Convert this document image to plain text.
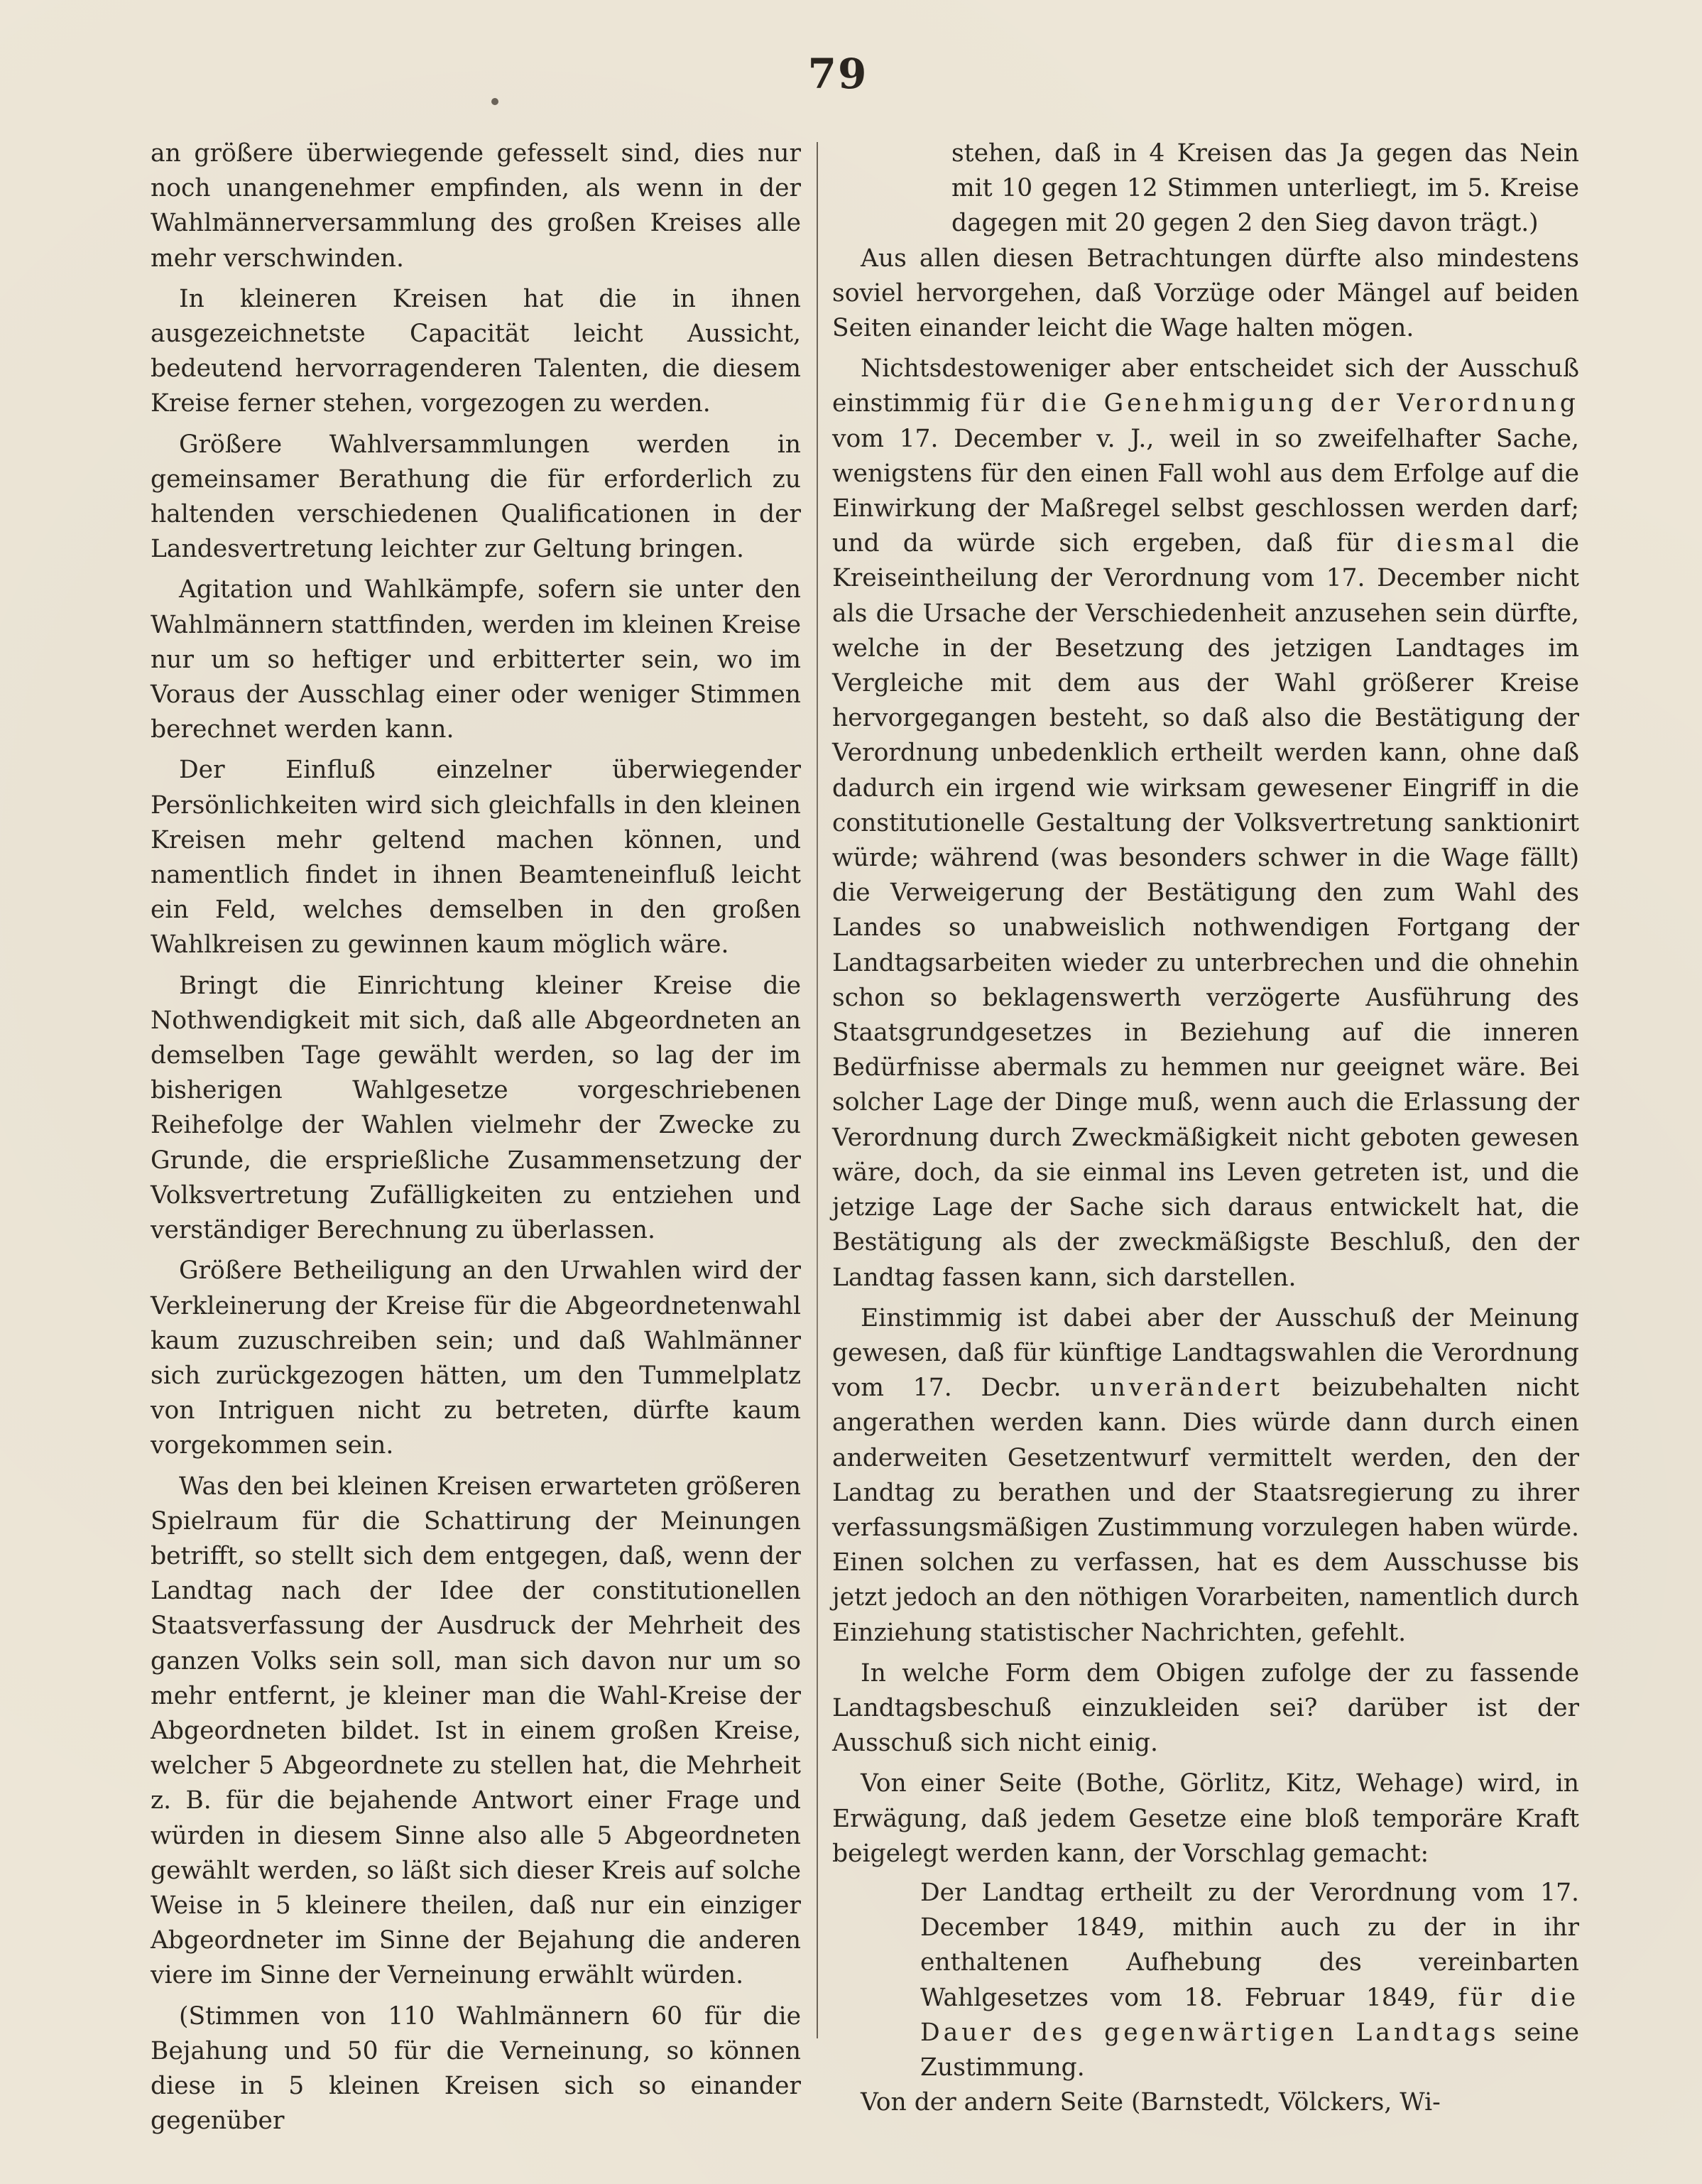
79

an größere überwiegende gefesselt sind, dies nur noch unangenehmer empfinden, als wenn in der Wahlmännerversammlung des großen Kreises alle mehr verschwinden.

In kleineren Kreisen hat die in ihnen ausgezeichnetste Capacität leicht Aussicht, bedeutend hervorragenderen Talenten, die diesem Kreise ferner stehen, vorgezogen zu werden.

Größere Wahlversammlungen werden in gemeinsamer Berathung die für erforderlich zu haltenden verschiedenen Qualificationen in der Landesvertretung leichter zur Geltung bringen.

Agitation und Wahlkämpfe, sofern sie unter den Wahlmännern stattfinden, werden im kleinen Kreise nur um so heftiger und erbitterter sein, wo im Voraus der Ausschlag einer oder weniger Stimmen berechnet werden kann.

Der Einfluß einzelner überwiegender Persönlichkeiten wird sich gleichfalls in den kleinen Kreisen mehr geltend machen können, und namentlich findet in ihnen Beamteneinfluß leicht ein Feld, welches demselben in den großen Wahlkreisen zu gewinnen kaum möglich wäre.

Bringt die Einrichtung kleiner Kreise die Nothwendigkeit mit sich, daß alle Abgeordneten an demselben Tage gewählt werden, so lag der im bisherigen Wahlgesetze vorgeschriebenen Reihefolge der Wahlen vielmehr der Zwecke zu Grunde, die ersprießliche Zusammensetzung der Volksvertretung Zufälligkeiten zu entziehen und verständiger Berechnung zu überlassen.

Größere Betheiligung an den Urwahlen wird der Verkleinerung der Kreise für die Abgeordnetenwahl kaum zuzuschreiben sein; und daß Wahlmänner sich zurückgezogen hätten, um den Tummelplatz von Intriguen nicht zu betreten, dürfte kaum vorgekommen sein.

Was den bei kleinen Kreisen erwarteten größeren Spielraum für die Schattirung der Meinungen betrifft, so stellt sich dem entgegen, daß, wenn der Landtag nach der Idee der constitutionellen Staatsverfassung der Ausdruck der Mehrheit des ganzen Volks sein soll, man sich davon nur um so mehr entfernt, je kleiner man die Wahl-Kreise der Abgeordneten bildet. Ist in einem großen Kreise, welcher 5 Abgeordnete zu stellen hat, die Mehrheit z. B. für die bejahende Antwort einer Frage und würden in diesem Sinne also alle 5 Abgeordneten gewählt werden, so läßt sich dieser Kreis auf solche Weise in 5 kleinere theilen, daß nur ein einziger Abgeordneter im Sinne der Bejahung die anderen viere im Sinne der Verneinung erwählt würden.

(Stimmen von 110 Wahlmännern 60 für die Bejahung und 50 für die Verneinung, so können diese in 5 kleinen Kreisen sich so einander gegenüber

stehen, daß in 4 Kreisen das Ja gegen das Nein mit 10 gegen 12 Stimmen unterliegt, im 5. Kreise dagegen mit 20 gegen 2 den Sieg davon trägt.)

Aus allen diesen Betrachtungen dürfte also mindestens soviel hervorgehen, daß Vorzüge oder Mängel auf beiden Seiten einander leicht die Wage halten mögen.

Nichtsdestoweniger aber entscheidet sich der Ausschuß einstimmig für die Genehmigung der Verordnung vom 17. December v. J., weil in so zweifelhafter Sache, wenigstens für den einen Fall wohl aus dem Erfolge auf die Einwirkung der Maßregel selbst geschlossen werden darf; und da würde sich ergeben, daß für diesmal die Kreiseintheilung der Verordnung vom 17. December nicht als die Ursache der Verschiedenheit anzusehen sein dürfte, welche in der Besetzung des jetzigen Landtages im Vergleiche mit dem aus der Wahl größerer Kreise hervorgegangen besteht, so daß also die Bestätigung der Verordnung unbedenklich ertheilt werden kann, ohne daß dadurch ein irgend wie wirksam gewesener Eingriff in die constitutionelle Gestaltung der Volksvertretung sanktionirt würde; während (was besonders schwer in die Wage fällt) die Verweigerung der Bestätigung den zum Wahl des Landes so unabweislich nothwendigen Fortgang der Landtagsarbeiten wieder zu unterbrechen und die ohnehin schon so beklagenswerth verzögerte Ausführung des Staatsgrundgesetzes in Beziehung auf die inneren Bedürfnisse abermals zu hemmen nur geeignet wäre. Bei solcher Lage der Dinge muß, wenn auch die Erlassung der Verordnung durch Zweckmäßigkeit nicht geboten gewesen wäre, doch, da sie einmal ins Leven getreten ist, und die jetzige Lage der Sache sich daraus entwickelt hat, die Bestätigung als der zweckmäßigste Beschluß, den der Landtag fassen kann, sich darstellen.

Einstimmig ist dabei aber der Ausschuß der Meinung gewesen, daß für künftige Landtagswahlen die Verordnung vom 17. Decbr. unverändert beizubehalten nicht angerathen werden kann. Dies würde dann durch einen anderweiten Gesetzentwurf vermittelt werden, den der Landtag zu berathen und der Staatsregierung zu ihrer verfassungsmäßigen Zustimmung vorzulegen haben würde. Einen solchen zu verfassen, hat es dem Ausschusse bis jetzt jedoch an den nöthigen Vorarbeiten, namentlich durch Einziehung statistischer Nachrichten, gefehlt.

In welche Form dem Obigen zufolge der zu fassende Landtagsbeschuß einzukleiden sei? darüber ist der Ausschuß sich nicht einig.

Von einer Seite (Bothe, Görlitz, Kitz, Wehage) wird, in Erwägung, daß jedem Gesetze eine bloß temporäre Kraft beigelegt werden kann, der Vorschlag gemacht:

Der Landtag ertheilt zu der Verordnung vom 17. December 1849, mithin auch zu der in ihr enthaltenen Aufhebung des vereinbarten Wahlgesetzes vom 18. Februar 1849, für die Dauer des gegenwärtigen Landtags seine Zustimmung.

Von der andern Seite (Barnstedt, Völckers, Wi-
